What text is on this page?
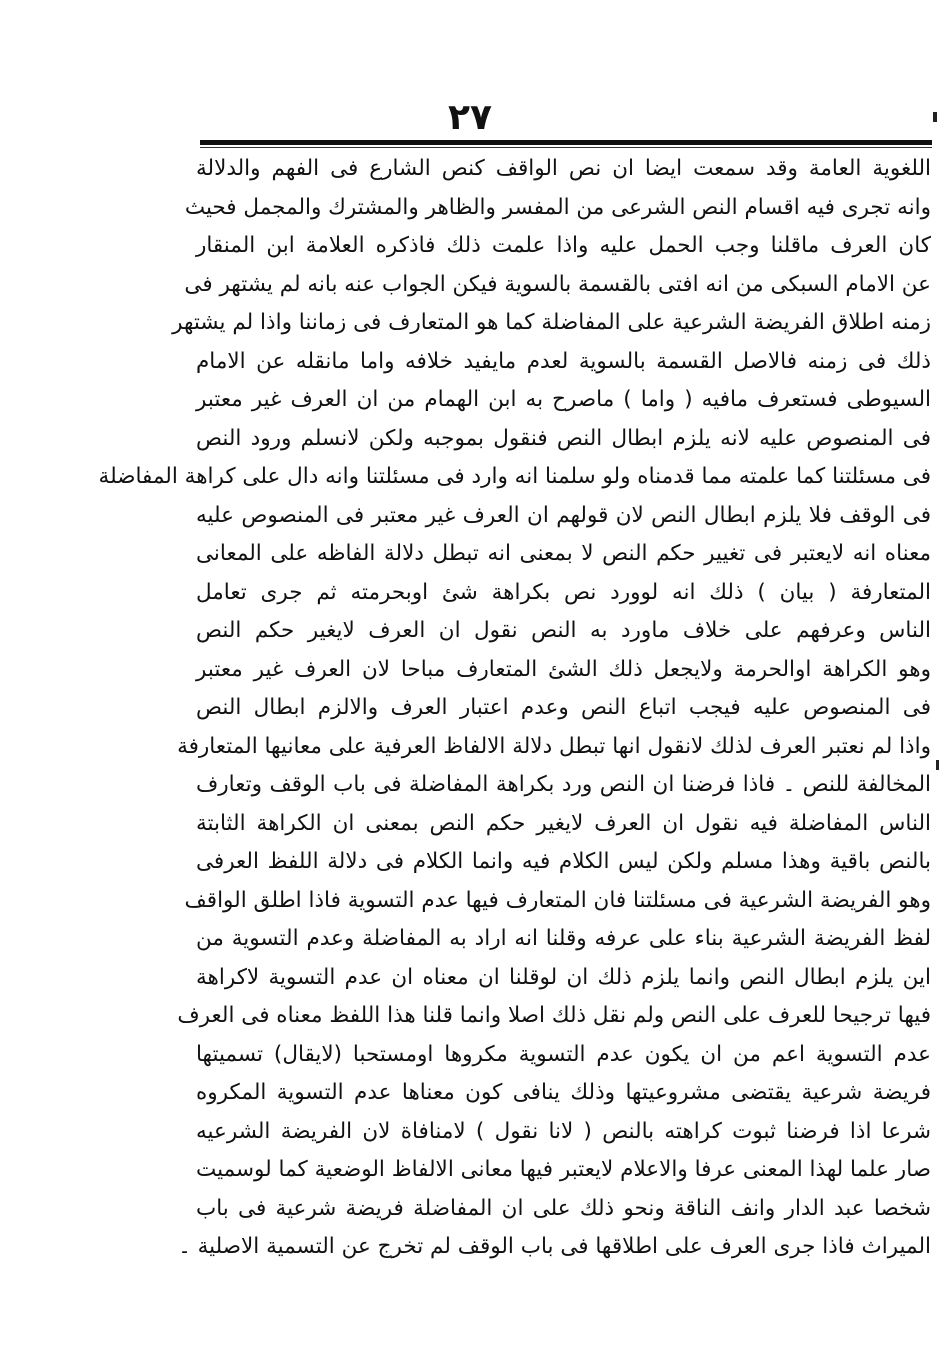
٢٧
اللغوية العامة وقد سمعت ايضا ان نص الواقف كنص الشارع فى الفهم والدلالة
وانه تجرى فيه اقسام النص الشرعى من المفسر والظاهر والمشترك والمجمل فحيث
كان العرف ماقلنا وجب الحمل عليه واذا علمت ذلك فاذكره العلامة ابن المنقار
عن الامام السبكى من انه افتى بالقسمة بالسوية فيكن الجواب عنه بانه لم يشتهر فى
زمنه اطلاق الفريضة الشرعية على المفاضلة كما هو المتعارف فى زماننا واذا لم يشتهر
ذلك فى زمنه فالاصل القسمة بالسوية لعدم مايفيد خلافه واما مانقله عن الامام
السيوطى فستعرف مافيه ( واما ) ماصرح به ابن الهمام من ان العرف غير معتبر
فى المنصوص عليه لانه يلزم ابطال النص فنقول بموجبه ولكن لانسلم ورود النص
فى مسئلتنا كما علمته مما قدمناه ولو سلمنا انه وارد فى مسئلتنا وانه دال على كراهة المفاضلة
فى الوقف فلا يلزم ابطال النص لان قولهم ان العرف غير معتبر فى المنصوص عليه
معناه انه لايعتبر فى تغيير حكم النص لا بمعنى انه تبطل دلالة الفاظه على المعانى
المتعارفة ( بيان ) ذلك انه لوورد نص بكراهة شئ اوبحرمته ثم جرى تعامل
الناس وعرفهم على خلاف ماورد به النص نقول ان العرف لايغير حكم النص
وهو الكراهة اوالحرمة ولايجعل ذلك الشئ المتعارف مباحا لان العرف غير معتبر
فى المنصوص عليه فيجب اتباع النص وعدم اعتبار العرف والالزم ابطال النص
واذا لم نعتبر العرف لذلك لانقول انها تبطل دلالة الالفاظ العرفية على معانيها المتعارفة
المخالفة للنص ۔ فاذا فرضنا ان النص ورد بكراهة المفاضلة فى باب الوقف وتعارف
الناس المفاضلة فيه نقول ان العرف لايغير حكم النص بمعنى ان الكراهة الثابتة
بالنص باقية وهذا مسلم ولكن ليس الكلام فيه وانما الكلام فى دلالة اللفظ العرفى
وهو الفريضة الشرعية فى مسئلتنا فان المتعارف فيها عدم التسوية فاذا اطلق الواقف
لفظ الفريضة الشرعية بناء على عرفه وقلنا انه اراد به المفاضلة وعدم التسوية من
اين يلزم ابطال النص وانما يلزم ذلك ان لوقلنا ان معناه ان عدم التسوية لاكراهة
فيها ترجيحا للعرف على النص ولم نقل ذلك اصلا وانما قلنا هذا اللفظ معناه فى العرف
عدم التسوية اعم من ان يكون عدم التسوية مكروها اومستحبا (لايقال) تسميتها
فريضة شرعية يقتضى مشروعيتها وذلك ينافى كون معناها عدم التسوية المكروه
شرعا اذا فرضنا ثبوت كراهته بالنص ( لانا نقول ) لامنافاة لان الفريضة الشرعيه
صار علما لهذا المعنى عرفا والاعلام لايعتبر فيها معانى الالفاظ الوضعية كما لوسميت
شخصا عبد الدار وانف الناقة ونحو ذلك على ان المفاضلة فريضة شرعية فى باب
الميراث فاذا جرى العرف على اطلاقها فى باب الوقف لم تخرج عن التسمية الاصلية ۔
